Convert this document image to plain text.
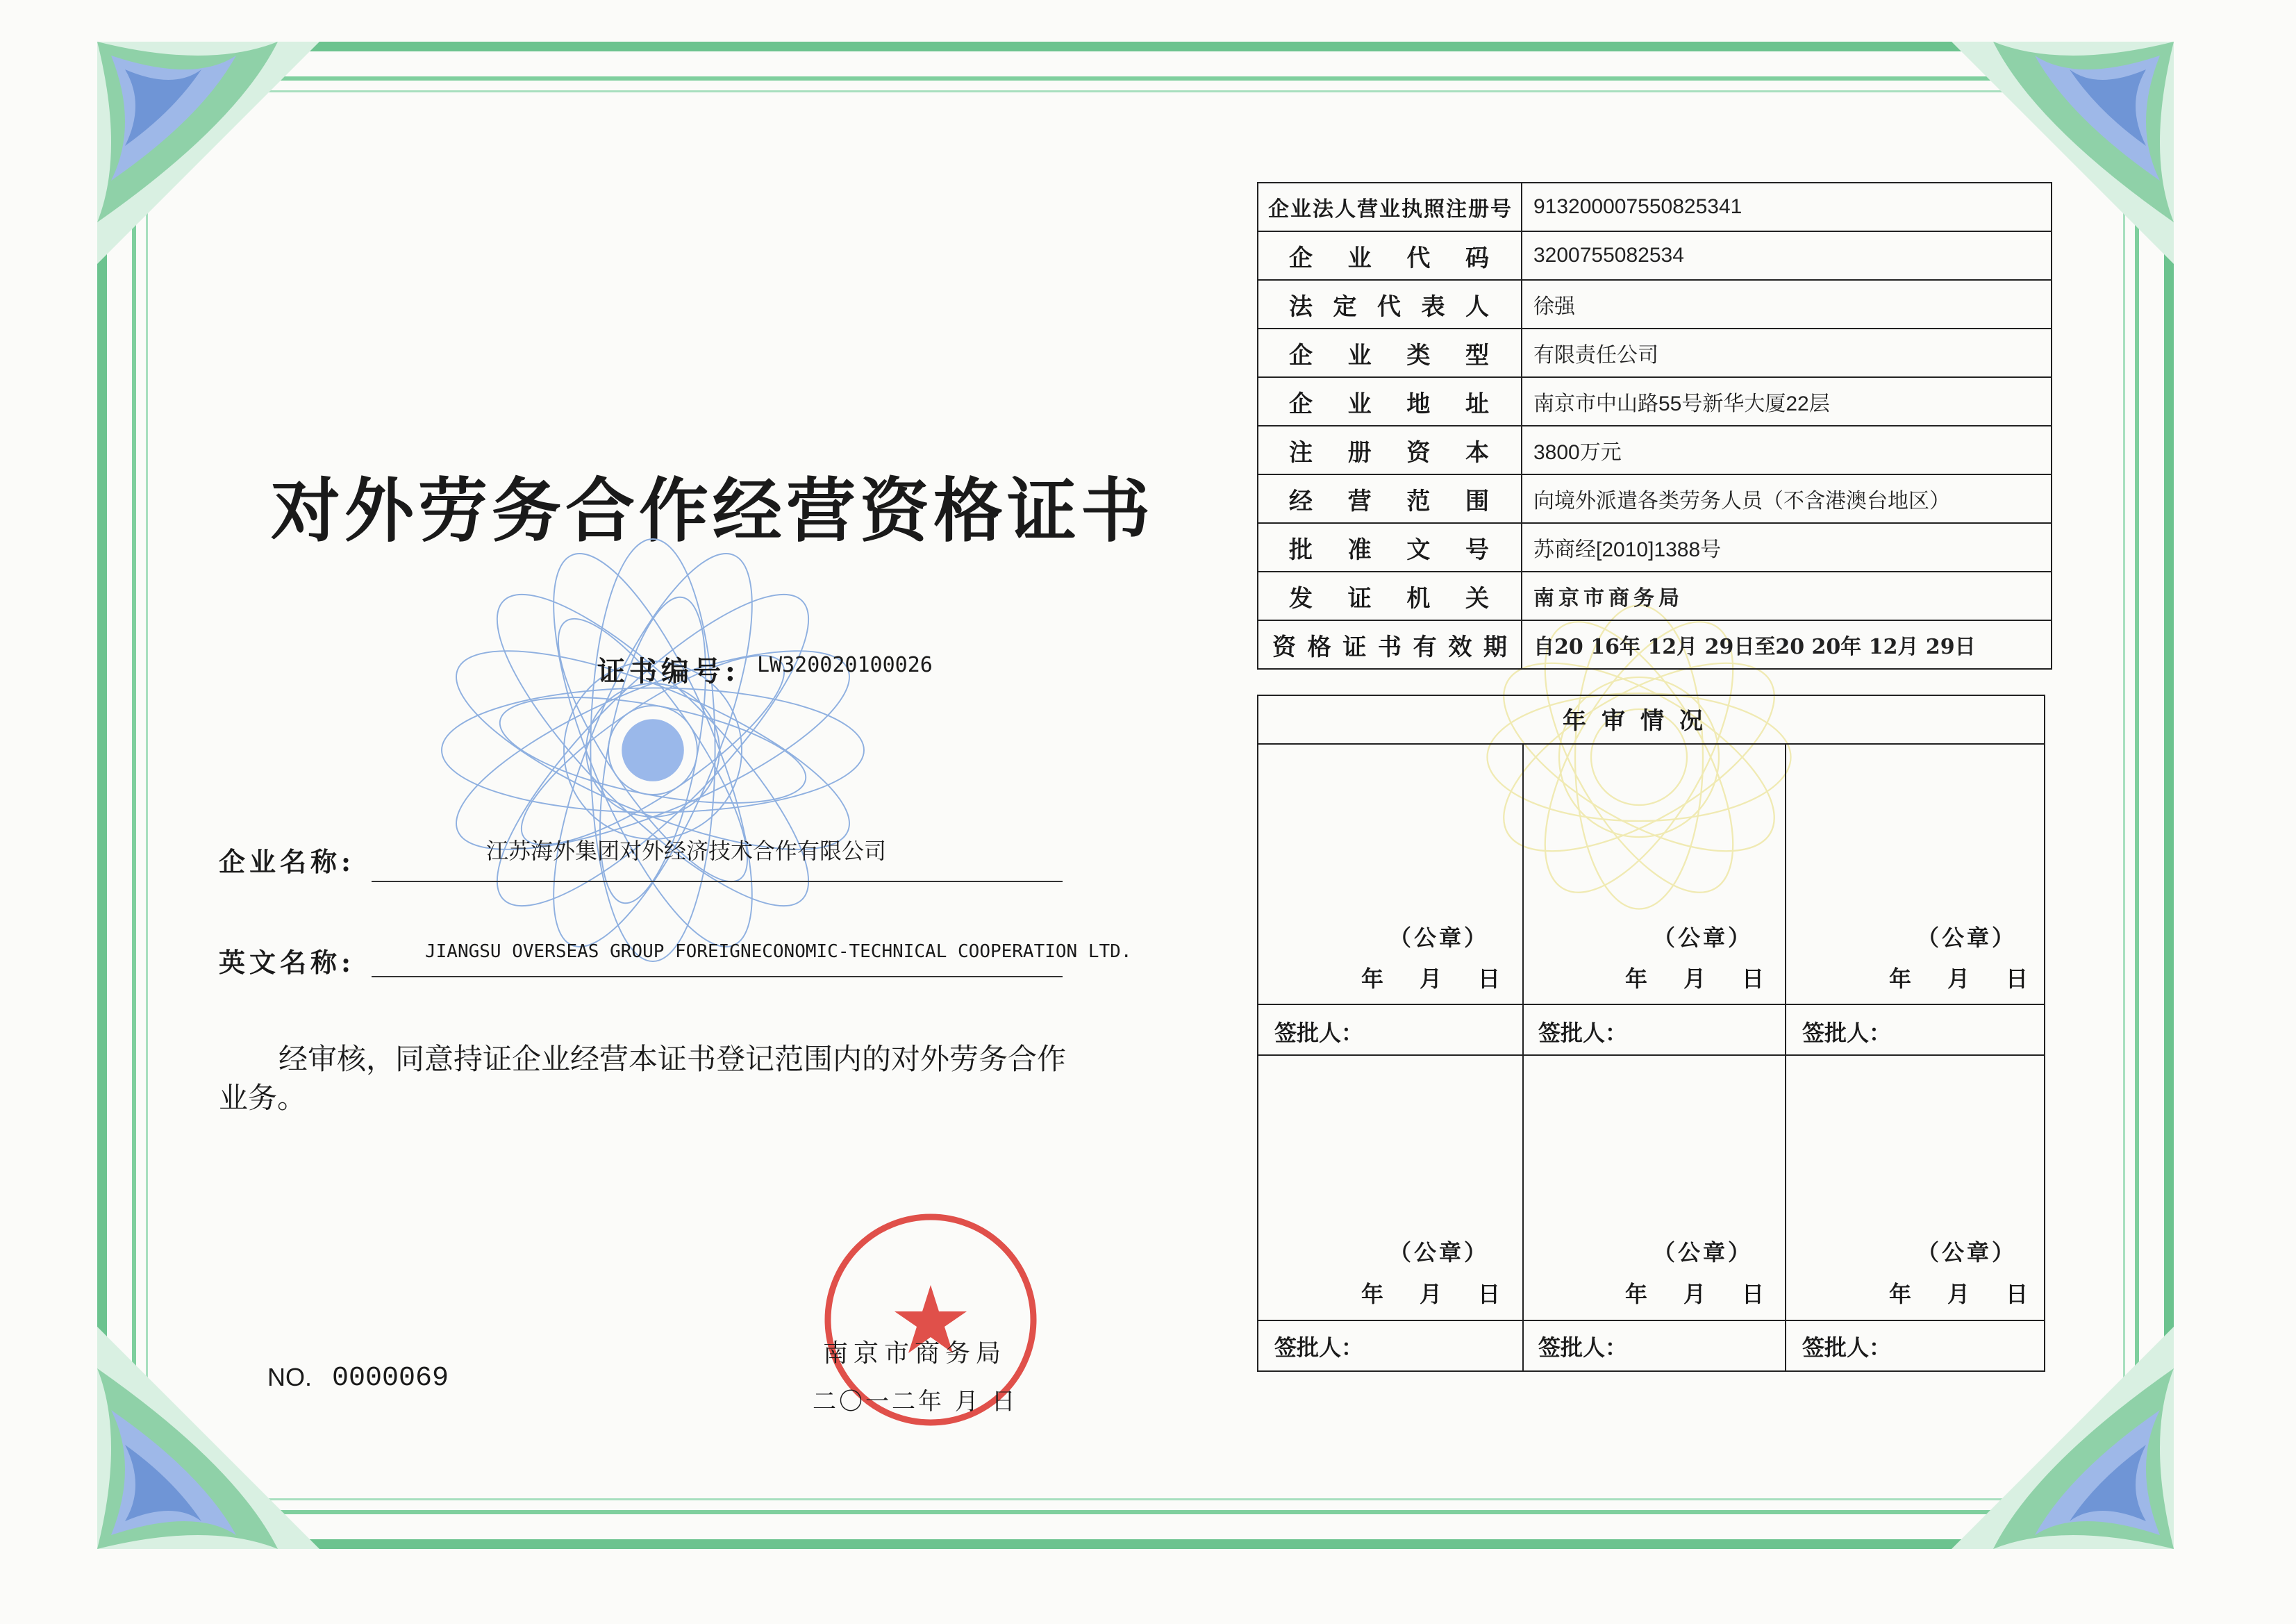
对外劳务合作经营资格证书
证书编号: LW320020100026
企业名称:	江苏海外集团对外经济技术合作有限公司
英文名称:	JIANGSU OVERSEAS GROUP FOREIGNECONOMIC-TECHNICAL COOPERATION LTD.
经审核，同意持证企业经营本证书登记范围内的对外劳务合作业务。
NO. 0000069
南京市商务局
二〇一二年 月 日
企业法人营业执照注册号	913200007550825341
企业代码	3200755082534
法定代表人	徐强
企业类型	有限责任公司
企业地址	南京市中山路55号新华大厦22层
注册资本	3800万元
经营范围	向境外派遣各类劳务人员（不含港澳台地区）
批准文号	苏商经[2010]1388号
发证机关	南京市商务局
资格证书有效期	自20 16年 12月 29日至20 20年 12月 29日
年审情况
（公章）	（公章）	（公章）
年月日	年月日	年月日
签批人：	签批人：	签批人：
（公章）	（公章）	（公章）
年月日	年月日	年月日
签批人：	签批人：	签批人：
